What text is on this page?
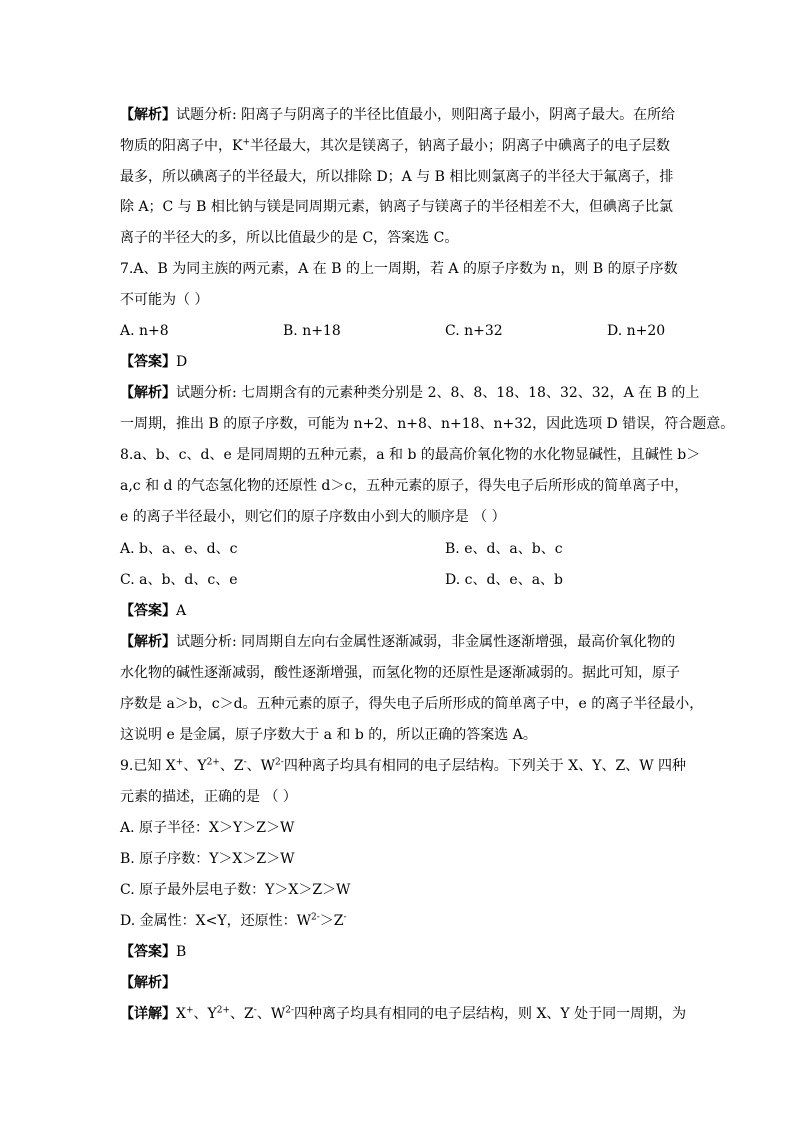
【解析】试题分析: 阳离子与阴离子的半径比值最小，则阳离子最小，阴离子最大。在所给
物质的阳离子中，K+半径最大，其次是镁离子，钠离子最小；阴离子中碘离子的电子层数
最多，所以碘离子的半径最大，所以排除 D；A 与 B 相比则氯离子的半径大于氟离子，排
除 A；C 与 B 相比钠与镁是同周期元素，钠离子与镁离子的半径相差不大，但碘离子比氯
离子的半径大的多，所以比值最少的是 C，答案选 C。
7.A、B 为同主族的两元素，A 在 B 的上一周期，若 A 的原子序数为 n，则 B 的原子序数
不可能为（ ）
A. n+8	B. n+18	C. n+32	D. n+20
【答案】D
【解析】试题分析: 七周期含有的元素种类分别是 2、8、8、18、18、32、32，A 在 B 的上
一周期，推出 B 的原子序数，可能为 n+2、n+8、n+18、n+32，因此选项 D 错误，符合题意。
8.a、b、c、d、e 是同周期的五种元素，a 和 b 的最高价氧化物的水化物显碱性，且碱性 b＞
a,c 和 d 的气态氢化物的还原性 d＞c，五种元素的原子，得失电子后所形成的简单离子中，
e 的离子半径最小，则它们的原子序数由小到大的顺序是 （ ）
A. b、a、e、d、c	B. e、d、a、b、c
C. a、b、d、c、e	D. c、d、e、a、b
【答案】A
【解析】试题分析: 同周期自左向右金属性逐渐减弱，非金属性逐渐增强，最高价氧化物的
水化物的碱性逐渐减弱，酸性逐渐增强，而氢化物的还原性是逐渐减弱的。据此可知，原子
序数是 a＞b，c＞d。五种元素的原子，得失电子后所形成的简单离子中，e 的离子半径最小，
这说明 e 是金属，原子序数大于 a 和 b 的，所以正确的答案选 A。
9.已知 X+、$Y^{2+}$、Z-、$W^{2-}$四种离子均具有相同的电子层结构。下列关于 X、Y、Z、W 四种
元素的描述，正确的是 （ ）
A. 原子半径：X＞Y＞Z＞W
B. 原子序数：Y＞X＞Z＞W
C. 原子最外层电子数：Y＞X＞Z＞W
D. 金属性：X<Y，还原性：$W^{2-}>Z^-$
【答案】B
【解析】
【详解】X+、$Y^{2+}$、Z-、$W^{2-}$四种离子均具有相同的电子层结构，则 X、Y 处于同一周期，为
